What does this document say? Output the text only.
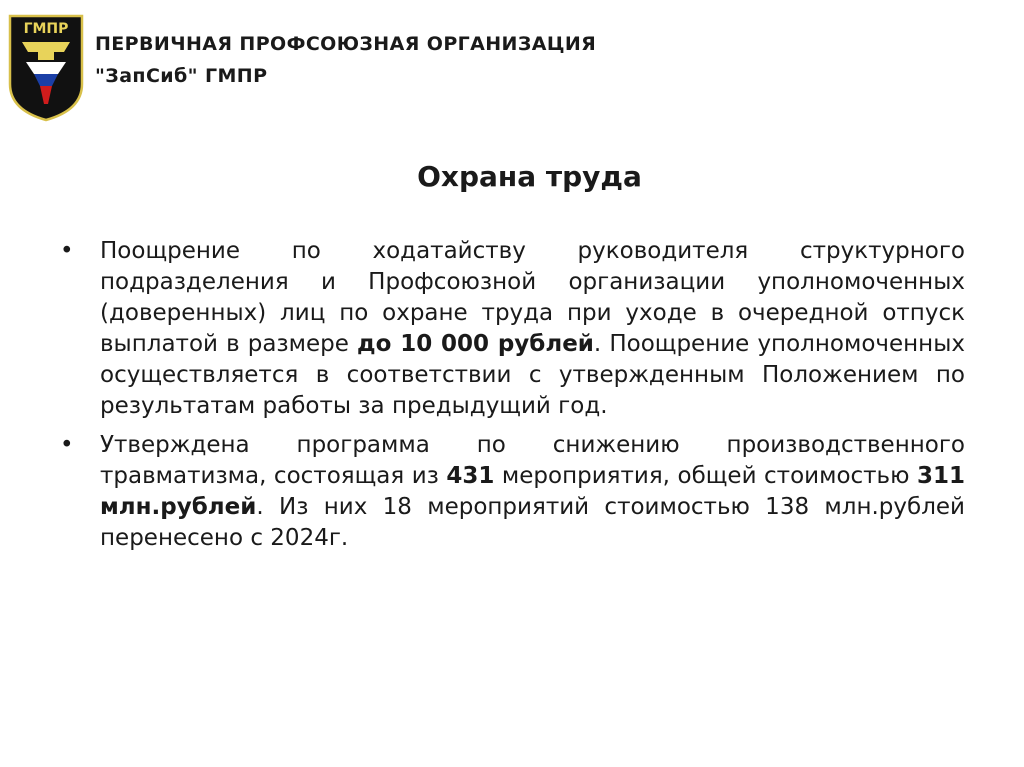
ГМПР
ПЕРВИЧНАЯ ПРОФСОЮЗНАЯ ОРГАНИЗАЦИЯ
"ЗапСиб" ГМПР
Охрана труда
• Поощрение по ходатайству руководителя структурного подразделения и Профсоюзной организации уполномоченных (доверенных) лиц по охране труда при уходе в очередной отпуск выплатой в размере до 10 000 рублей. Поощрение уполномоченных осуществляется в соответствии с утвержденным Положением по результатам работы за предыдущий год.
• Утверждена программа по снижению производственного травматизма, состоящая из 431 мероприятия, общей стоимостью 311 млн.рублей. Из них 18 мероприятий стоимостью 138 млн.рублей перенесено с 2024г.
